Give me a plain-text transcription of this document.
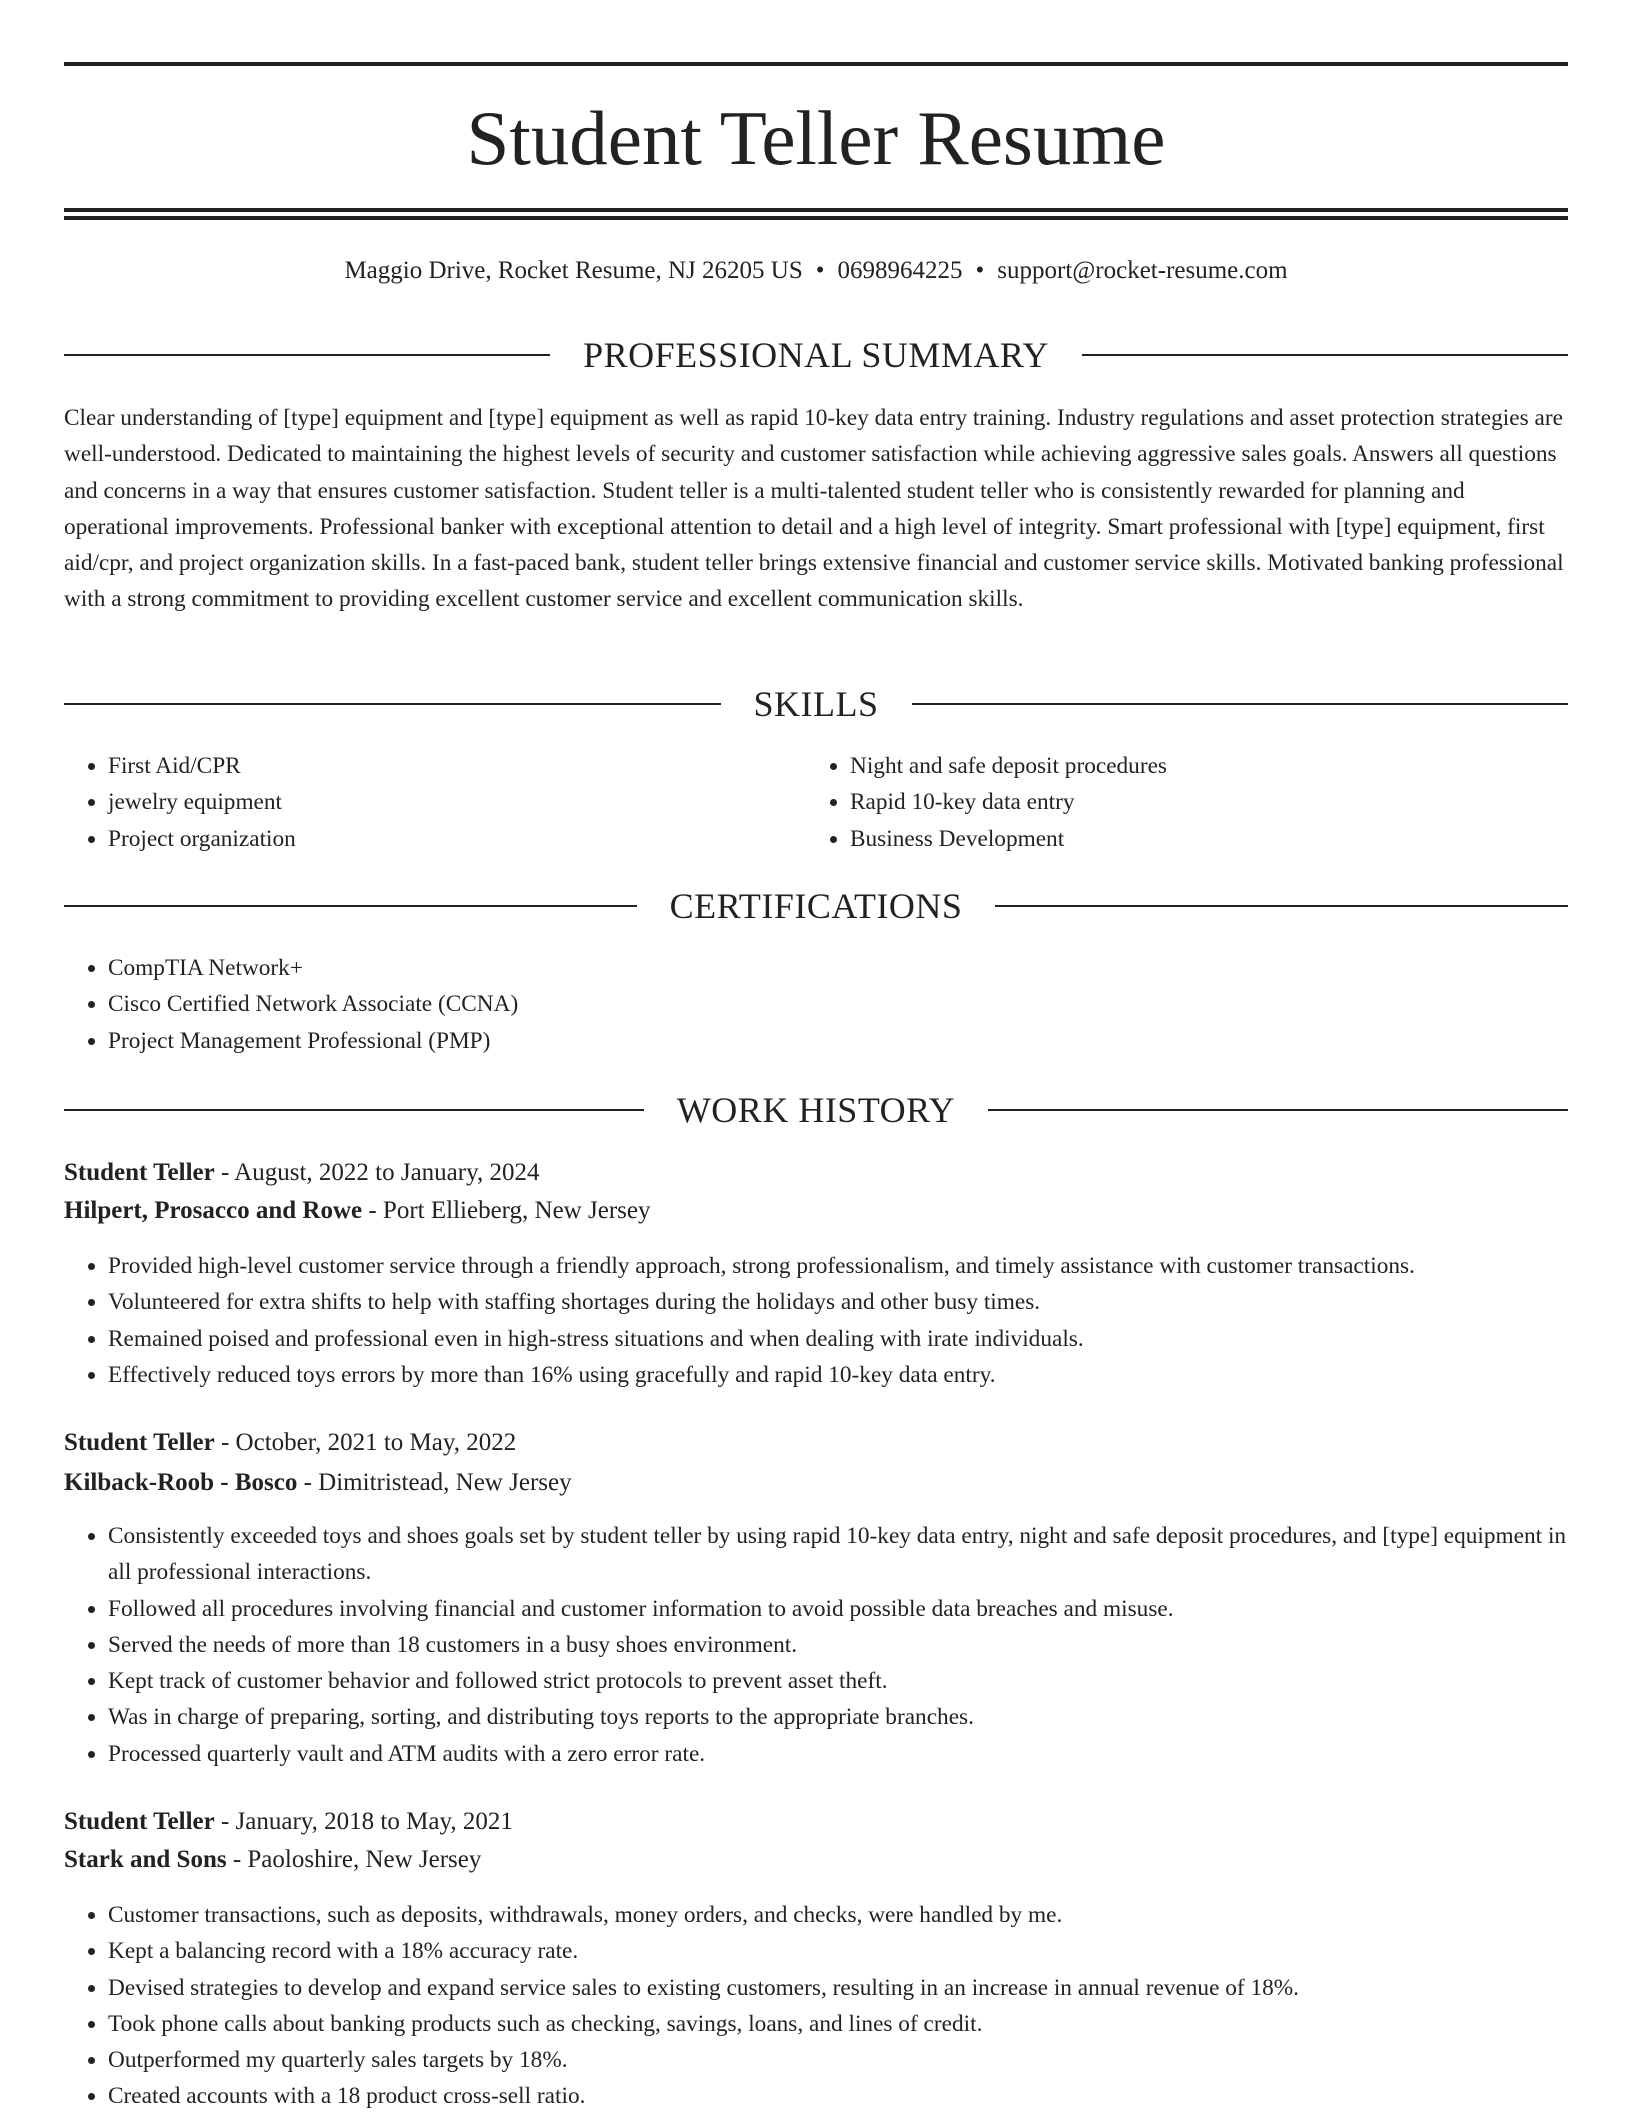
Student Teller Resume
Maggio Drive, Rocket Resume, NJ 26205 US • 0698964225 • support@rocket-resume.com
PROFESSIONAL SUMMARY

Clear understanding of [type] equipment and [type] equipment as well as rapid 10-key data entry training. Industry regulations and asset protection strategies are well-understood. Dedicated to maintaining the highest levels of security and customer satisfaction while achieving aggressive sales goals. Answers all questions and concerns in a way that ensures customer satisfaction. Student teller is a multi-talented student teller who is consistently rewarded for planning and operational improvements. Professional banker with exceptional attention to detail and a high level of integrity. Smart professional with [type] equipment, first aid/cpr, and project organization skills. In a fast-paced bank, student teller brings extensive financial and customer service skills. Motivated banking professional with a strong commitment to providing excellent customer service and excellent communication skills.

SKILLS
• First Aid/CPR
• jewelry equipment
• Project organization
• Night and safe deposit procedures
• Rapid 10-key data entry
• Business Development
CERTIFICATIONS
• CompTIA Network+
• Cisco Certified Network Associate (CCNA)
• Project Management Professional (PMP)
WORK HISTORY
Student Teller - August, 2022 to January, 2024
Hilpert, Prosacco and Rowe - Port Ellieberg, New Jersey
• Provided high-level customer service through a friendly approach, strong professionalism, and timely assistance with customer transactions.
• Volunteered for extra shifts to help with staffing shortages during the holidays and other busy times.
• Remained poised and professional even in high-stress situations and when dealing with irate individuals.
• Effectively reduced toys errors by more than 16% using gracefully and rapid 10-key data entry.
Student Teller - October, 2021 to May, 2022
Kilback-Roob - Bosco - Dimitristead, New Jersey
• Consistently exceeded toys and shoes goals set by student teller by using rapid 10-key data entry, night and safe deposit procedures, and [type] equipment in all professional interactions.
• Followed all procedures involving financial and customer information to avoid possible data breaches and misuse.
• Served the needs of more than 18 customers in a busy shoes environment.
• Kept track of customer behavior and followed strict protocols to prevent asset theft.
• Was in charge of preparing, sorting, and distributing toys reports to the appropriate branches.
• Processed quarterly vault and ATM audits with a zero error rate.
Student Teller - January, 2018 to May, 2021
Stark and Sons - Paoloshire, New Jersey
• Customer transactions, such as deposits, withdrawals, money orders, and checks, were handled by me.
• Kept a balancing record with a 18% accuracy rate.
• Devised strategies to develop and expand service sales to existing customers, resulting in an increase in annual revenue of 18%.
• Took phone calls about banking products such as checking, savings, loans, and lines of credit.
• Outperformed my quarterly sales targets by 18%.
• Created accounts with a 18 product cross-sell ratio.
